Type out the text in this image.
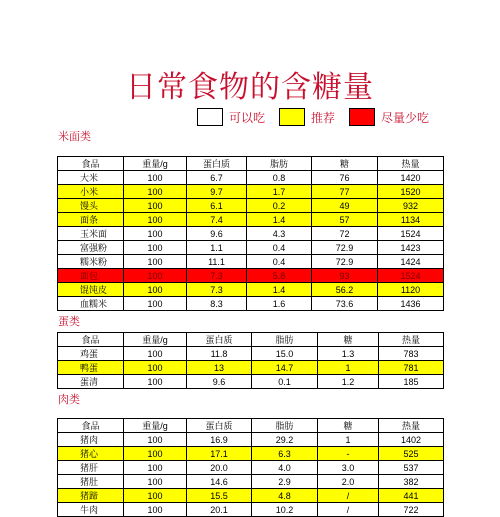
日常食物的含糖量
可以吃	推荐	尽量少吃
米面类
食品	重量/g	蛋白质	脂肪	糖	热量
大米	100	6.7	0.8	76	1420
小米	100	9.7	1.7	77	1520
馒头	100	6.1	0.2	49	932
面条	100	7.4	1.4	57	1134
玉米面	100	9.6	4.3	72	1524
富强粉	100	1.1	0.4	72.9	1423
糯米粉	100	11.1	0.4	72.9	1424
面包	100	7.3	5.8	93	1524
馄饨皮	100	7.3	1.4	56.2	1120
血糯米	100	8.3	1.6	73.6	1436
蛋类
食品	重量/g	蛋白质	脂肪	糖	热量
鸡蛋	100	11.8	15.0	1.3	783
鸭蛋	100	13	14.7	1	781
蛋清	100	9.6	0.1	1.2	185
肉类
食品	重量/g	蛋白质	脂肪	糖	热量
猪肉	100	16.9	29.2	1	1402
猪心	100	17.1	6.3	-	525
猪肝	100	20.0	4.0	3.0	537
猪肚	100	14.6	2.9	2.0	382
猪蹄	100	15.5	4.8	/	441
牛肉	100	20.1	10.2	/	722
